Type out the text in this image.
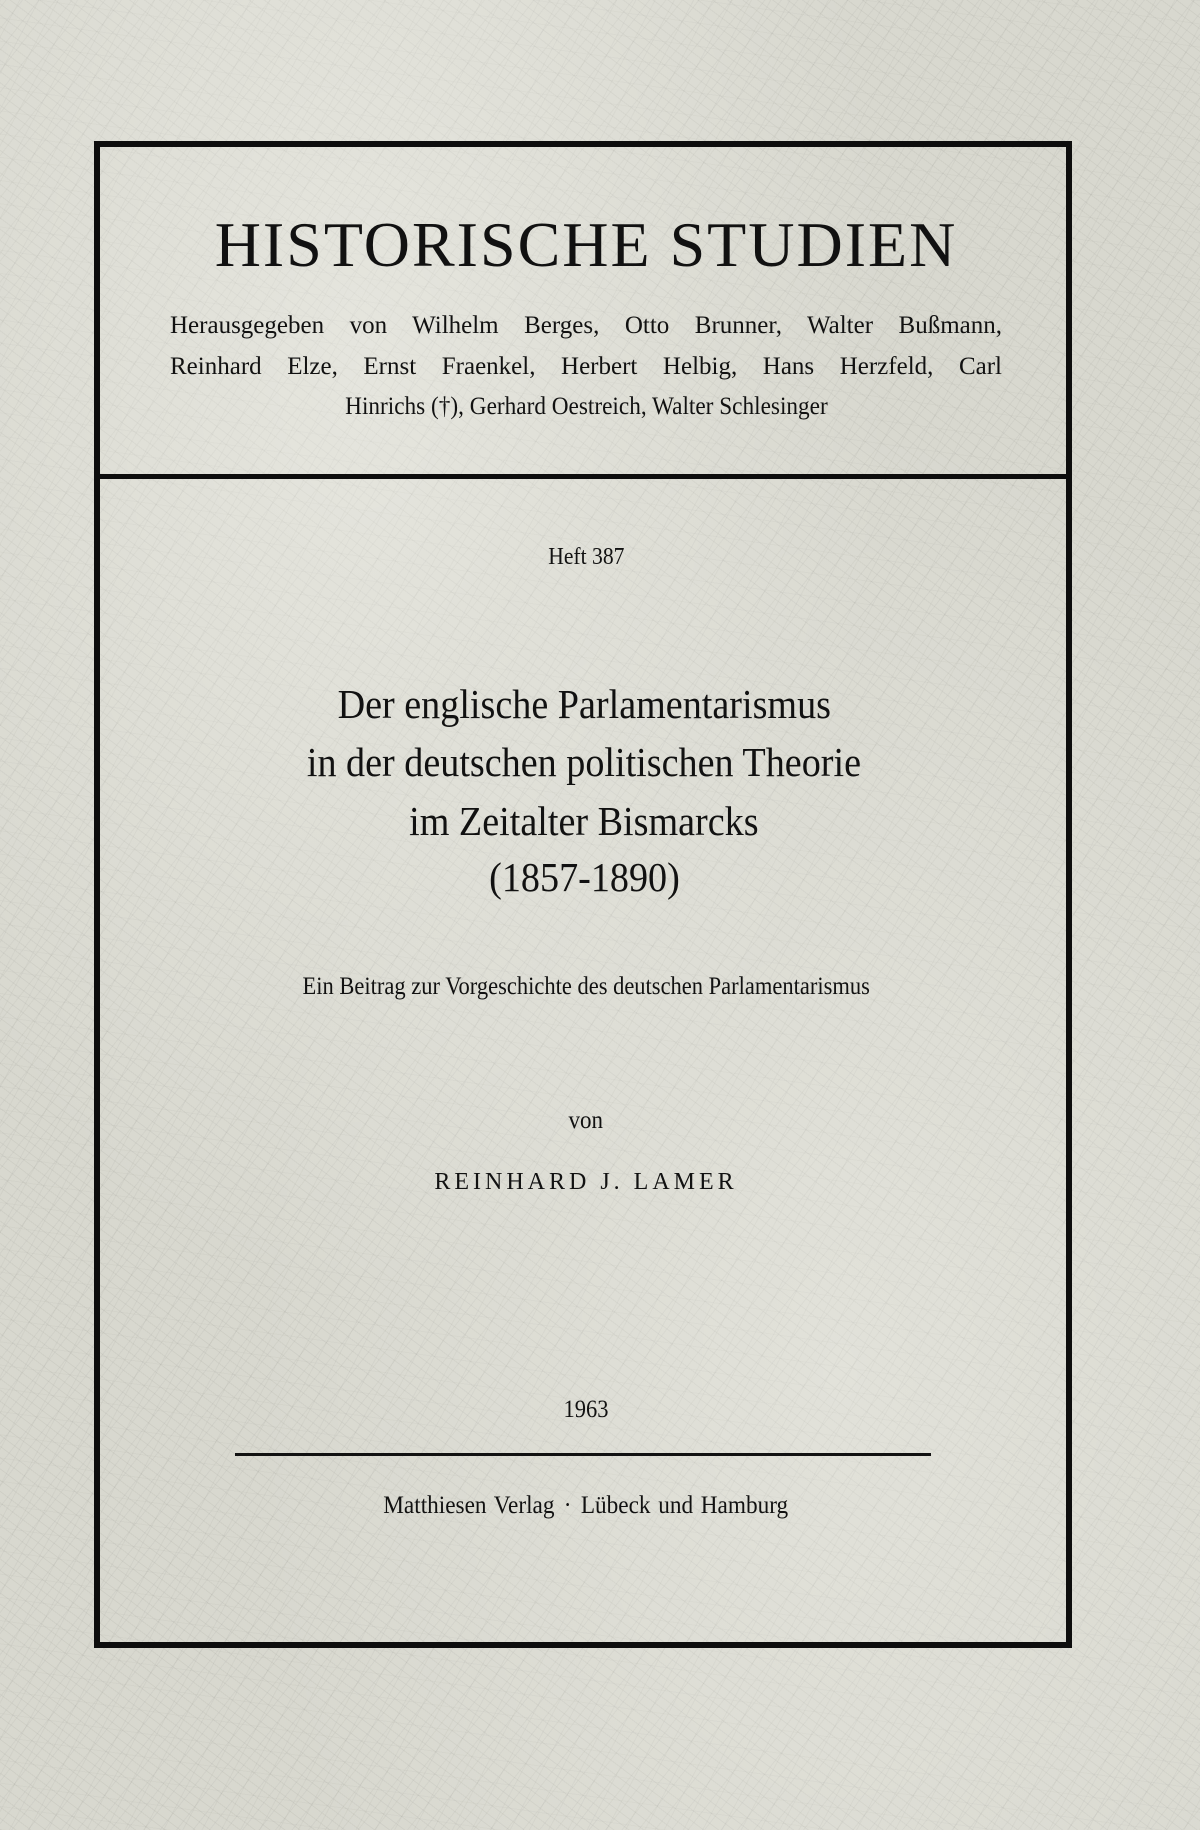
HISTORISCHE STUDIEN
Herausgegeben von Wilhelm Berges, Otto Brunner, Walter Bußmann,
Reinhard Elze, Ernst Fraenkel, Herbert Helbig, Hans Herzfeld, Carl
Hinrichs (†), Gerhard Oestreich, Walter Schlesinger
Heft 387
Der englische Parlamentarismus
in der deutschen politischen Theorie
im Zeitalter Bismarcks
(1857-1890)
Ein Beitrag zur Vorgeschichte des deutschen Parlamentarismus
von
REINHARD J. LAMER
1963
Matthiesen Verlag · Lübeck und Hamburg
